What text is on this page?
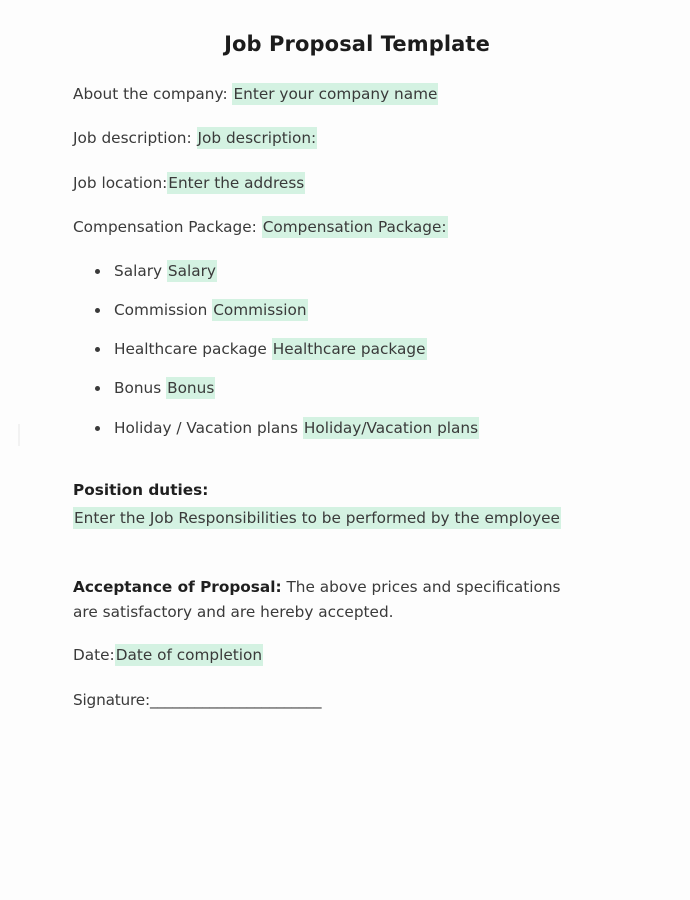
Job Proposal Template

About the company: Enter your company name

Job description: Job description:

Job location:Enter the address

Compensation Package: Compensation Package:

Salary Salary
Commission Commission
Healthcare package Healthcare package
Bonus Bonus
Holiday / Vacation plans Holiday/Vacation plans

Position duties:

Enter the Job Responsibilities to be performed by the employee

Acceptance of Proposal: The above prices and specifications are satisfactory and are hereby accepted.

Date:Date of completion

Signature:_______________________
